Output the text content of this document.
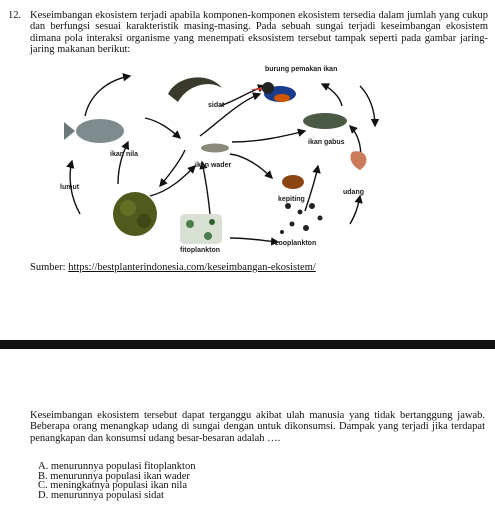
12. Keseimbangan ekosistem terjadi apabila komponen-komponen ekosistem tersedia dalam jumlah yang cukup dan berfungsi sesuai karakteristik masing-masing. Pada sebuah sungai terjadi keseimbangan ekosistem dimana pola interaksi organisme yang menempati eksosistem tersebut tampak seperti pada gambar jaring-jaring makanan berikut:
burung pemakan ikan
sidat
ikan gabus
ikan nila
ikan wader
lumut
kepiting
udang
zooplankton
fitoplankton
Sumber: https://bestplanterindonesia.com/keseimbangan-ekosistem/

Keseimbangan ekosistem tersebut dapat terganggu akibat ulah manusia yang tidak bertanggung jawab. Beberapa orang menangkap udang di sungai dengan untuk dikonsumsi. Dampak yang terjadi jika terdapat penangkapan dan konsumsi udang besar-besaran adalah ….

A. menurunnya populasi fitoplankton
B. menurunnya populasi ikan wader
C. meningkatnya populasi ikan nila
D. menurunnya populasi sidat
